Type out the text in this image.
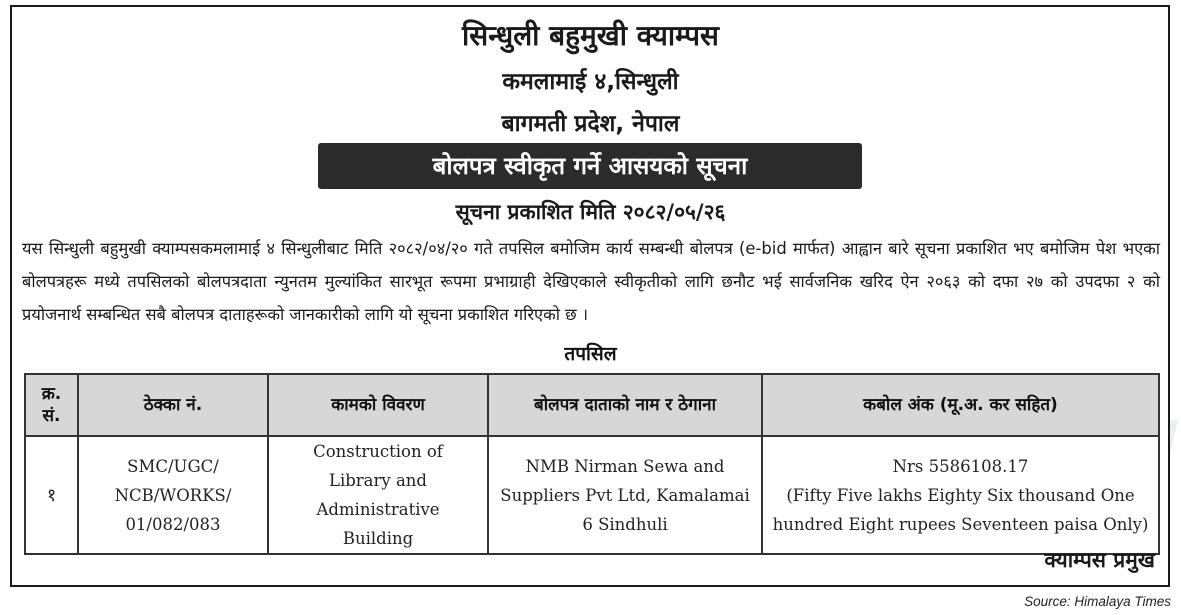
सिन्धुली बहुमुखी क्याम्पस
कमलामाई ४,सिन्धुली
बागमती प्रदेश, नेपाल
बोलपत्र स्वीकृत गर्ने आसयको सूचना
सूचना प्रकाशित मिति २०८२/०५/२६

यस सिन्धुली बहुमुखी क्याम्पसकमलामाई ४ सिन्धुलीबाट मिति २०८२/०४/२० गते तपसिल बमोजिम कार्य सम्बन्धी बोलपत्र (e-bid मार्फत) आह्वान बारे सूचना प्रकाशित भए बमोजिम पेश भएका बोलपत्रहरू मध्ये तपसिलको बोलपत्रदाता न्युनतम मुल्यांकित सारभूत रूपमा प्रभाग्राही देखिएकाले स्वीकृतीको लागि छनौट भई सार्वजनिक खरिद ऐन २०६३ को दफा २७ को उपदफा २ को प्रयोजनार्थ सम्बन्धित सबै बोलपत्र दाताहरूको जानकारीको लागि यो सूचना प्रकाशित गरिएको छ ।

तपसिल
क्र. सं.	ठेक्का नं.	कामको विवरण	बोलपत्र दाताको नाम र ठेगाना	कबोल अंक (मू.अ. कर सहित)
१	SMC/UGC/ NCB/WORKS/ 01/082/083	Construction of Library and Administrative Building	NMB Nirman Sewa and Suppliers Pvt Ltd, Kamalamai 6 Sindhuli	Nrs 5586108.17
(Fifty Five lakhs Eighty Six thousand One hundred Eight rupees Seventeen paisa Only)
क्याम्पस प्रमुख
Source: Himalaya Times
